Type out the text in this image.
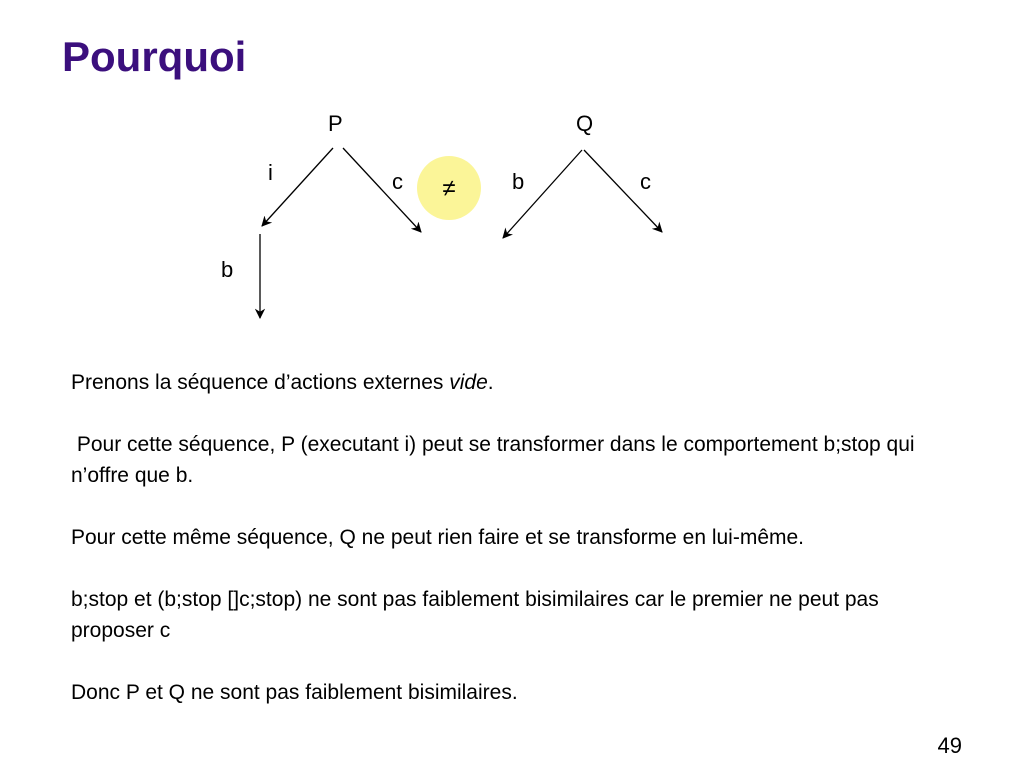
Pourquoi
P
i	c
b
≠
Q
b	c

Prenons la séquence d’actions externes vide.

Pour cette séquence, P (executant i) peut se transformer dans le comportement b;stop qui n’offre que b.

Pour cette même séquence, Q ne peut rien faire et se transforme en lui-même.

b;stop et (b;stop []c;stop) ne sont pas faiblement bisimilaires car le premier ne peut pas proposer c

Donc P et Q ne sont pas faiblement bisimilaires.

49
